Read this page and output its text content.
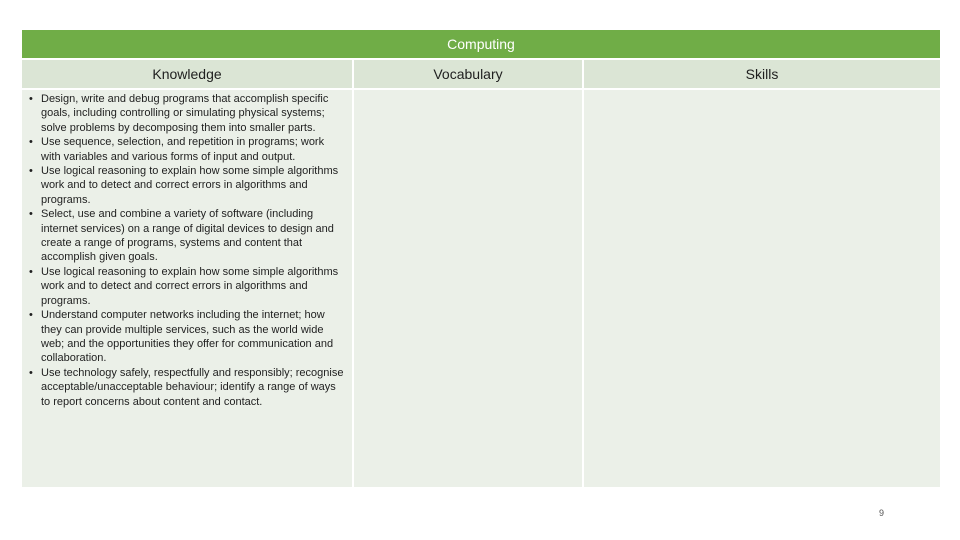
Computing
Knowledge	Vocabulary	Skills
• Design, write and debug programs that accomplish specific goals, including controlling or simulating physical systems; solve problems by decomposing them into smaller parts.
• Use sequence, selection, and repetition in programs; work with variables and various forms of input and output.
• Use logical reasoning to explain how some simple algorithms work and to detect and correct errors in algorithms and programs.
• Select, use and combine a variety of software (including internet services) on a range of digital devices to design and create a range of programs, systems and content that accomplish given goals.
• Use logical reasoning to explain how some simple algorithms work and to detect and correct errors in algorithms and programs.
• Understand computer networks including the internet; how they can provide multiple services, such as the world wide web; and the opportunities they offer for communication and collaboration.
• Use technology safely, respectfully and responsibly; recognise acceptable/unacceptable behaviour; identify a range of ways to report concerns about content and contact.
9
